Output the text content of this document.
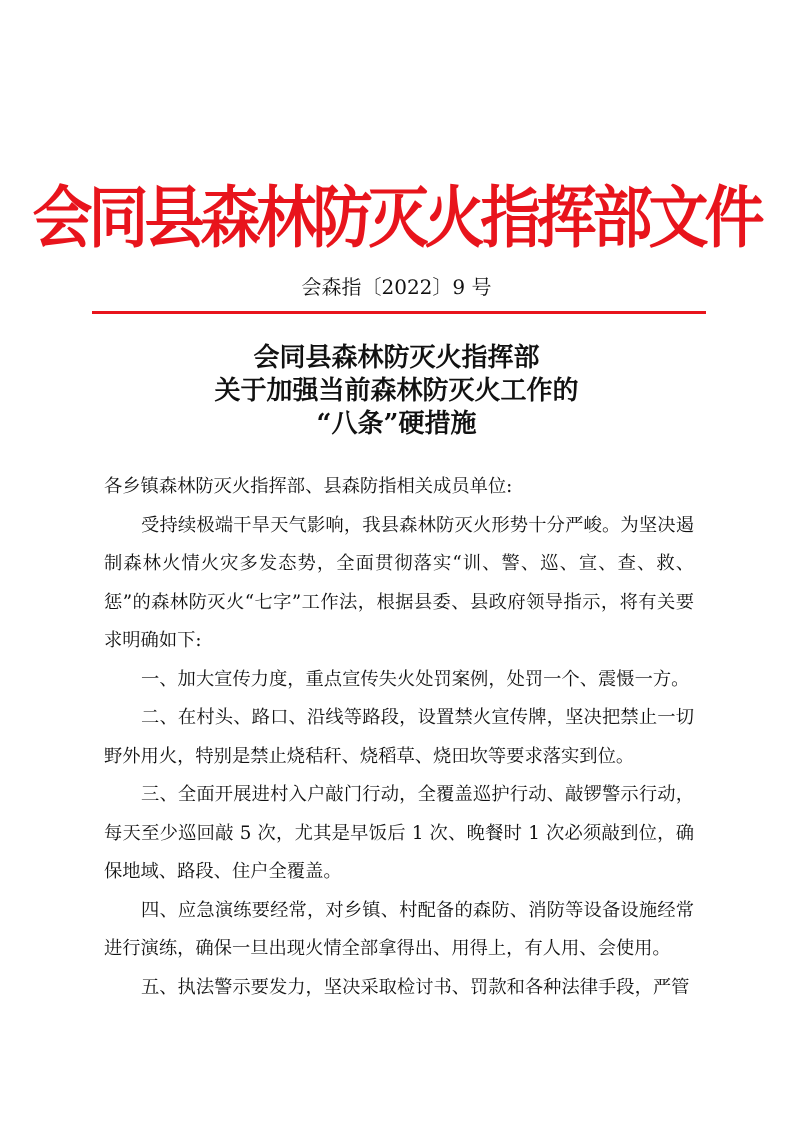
会同县森林防灭火指挥部文件
会森指〔2022〕9 号
会同县森林防灭火指挥部
关于加强当前森林防灭火工作的
“八条”硬措施

各乡镇森林防灭火指挥部、县森防指相关成员单位:

受持续极端干旱天气影响，我县森林防灭火形势十分严峻。为坚决遏制森林火情火灾多发态势，全面贯彻落实“训、警、巡、宣、查、救、惩”的森林防灭火“七字”工作法，根据县委、县政府领导指示，将有关要求明确如下:

一、加大宣传力度，重点宣传失火处罚案例，处罚一个、震慑一方。

二、在村头、路口、沿线等路段，设置禁火宣传牌，坚决把禁止一切野外用火，特别是禁止烧秸秆、烧稻草、烧田坎等要求落实到位。

三、全面开展进村入户敲门行动，全覆盖巡护行动、敲锣警示行动，每天至少巡回敲 5 次，尤其是早饭后 1 次、晚餐时 1 次必须敲到位，确保地域、路段、住户全覆盖。

四、应急演练要经常，对乡镇、村配备的森防、消防等设备设施经常进行演练，确保一旦出现火情全部拿得出、用得上，有人用、会使用。

五、执法警示要发力，坚决采取检讨书、罚款和各种法律手段，严管
